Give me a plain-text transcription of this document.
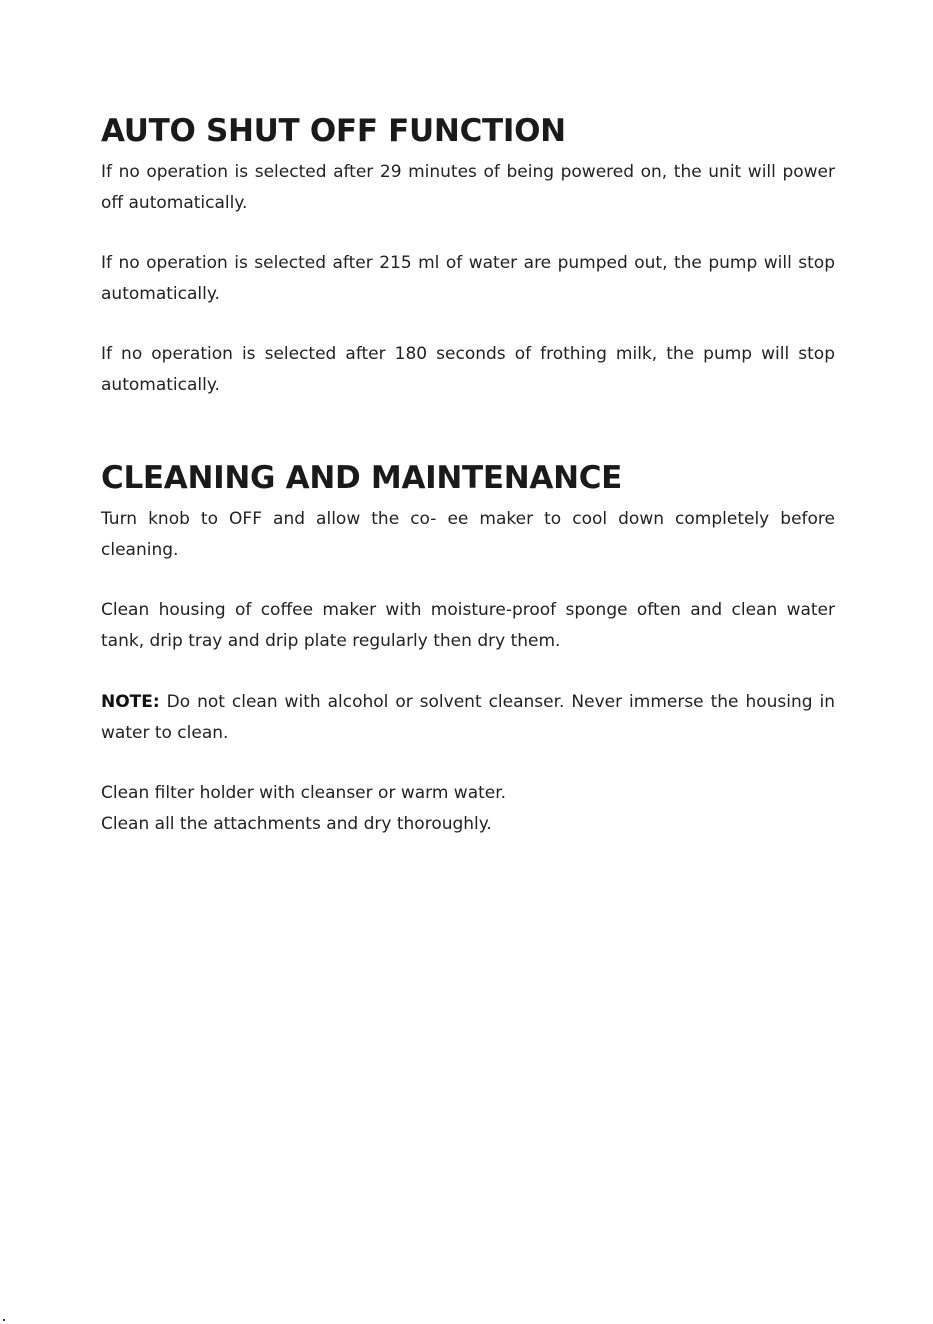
AUTO SHUT OFF FUNCTION

If no operation is selected after 29 minutes of being powered on, the unit will power off automatically.

If no operation is selected after 215 ml of water are pumped out, the pump will stop automatically.

If no operation is selected after 180 seconds of frothing milk, the pump will stop automatically.

CLEANING AND MAINTENANCE

Turn knob to OFF and allow the co- ee maker to cool down completely before cleaning.

Clean housing of coffee maker with moisture-proof sponge often and clean water tank, drip tray and drip plate regularly then dry them.

NOTE: Do not clean with alcohol or solvent cleanser. Never immerse the housing in water to clean.

Clean filter holder with cleanser or warm water.

Clean all the attachments and dry thoroughly.
